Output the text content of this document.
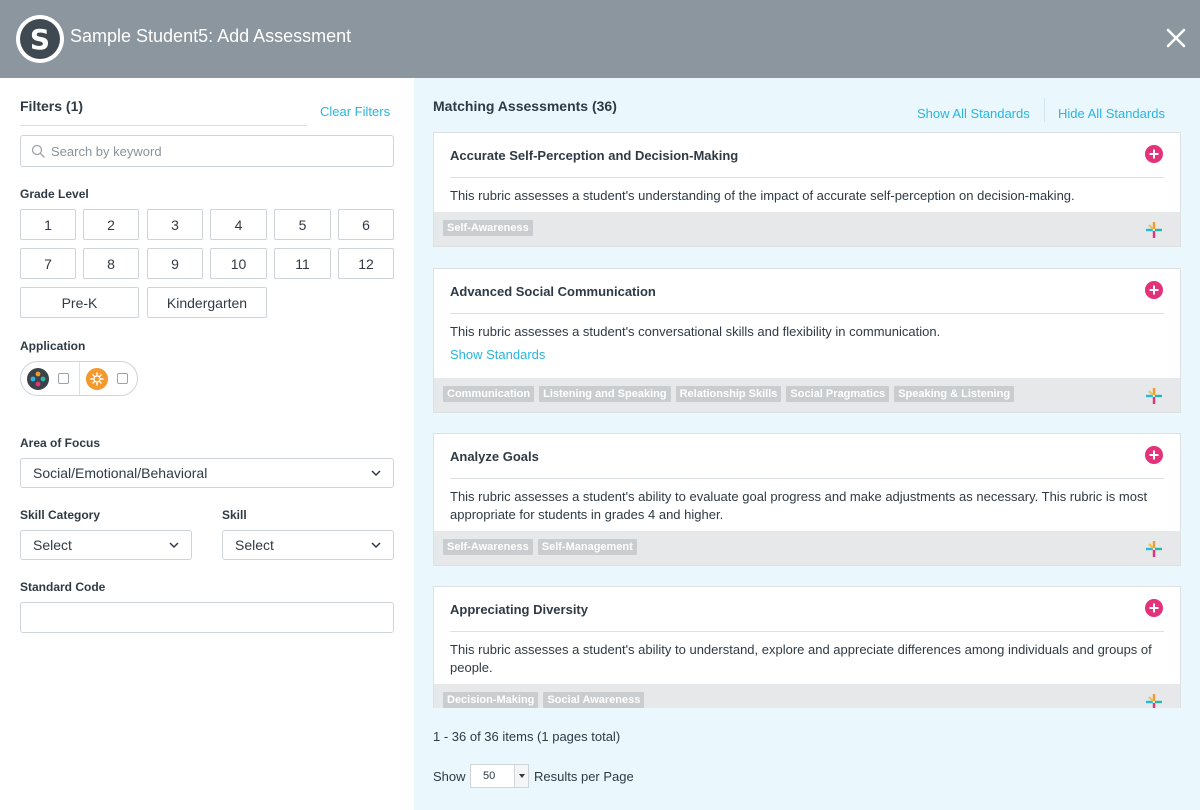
S	Sample Student5: Add Assessment
Filters (1)	Clear Filters
Search by keyword
Grade Level
1	2	3	4	5	6
7	8	9	10	11	12
Pre-K	Kindergarten
Application
Area of Focus
Social/Emotional/Behavioral
Skill Category
Select
Skill
Select
Standard Code
Matching Assessments (36)	Show All Standards Hide All Standards
Accurate Self-Perception and Decision-Making
This rubric assesses a student's understanding of the impact of accurate self-perception on decision-making.
Self-Awareness
Advanced Social Communication
This rubric assesses a student's conversational skills and flexibility in communication.
Show Standards
Communication	Listening and Speaking	Relationship Skills	Social Pragmatics	Speaking & Listening
Analyze Goals
This rubric assesses a student's ability to evaluate goal progress and make adjustments as necessary. This rubric is most appropriate for students in grades 4 and higher.
Self-Awareness	Self-Management
Appreciating Diversity
This rubric assesses a student's ability to understand, explore and appreciate differences among individuals and groups of people.
Decision-Making	Social Awareness
1 - 36 of 36 items (1 pages total)
Show 50	Results per Page
